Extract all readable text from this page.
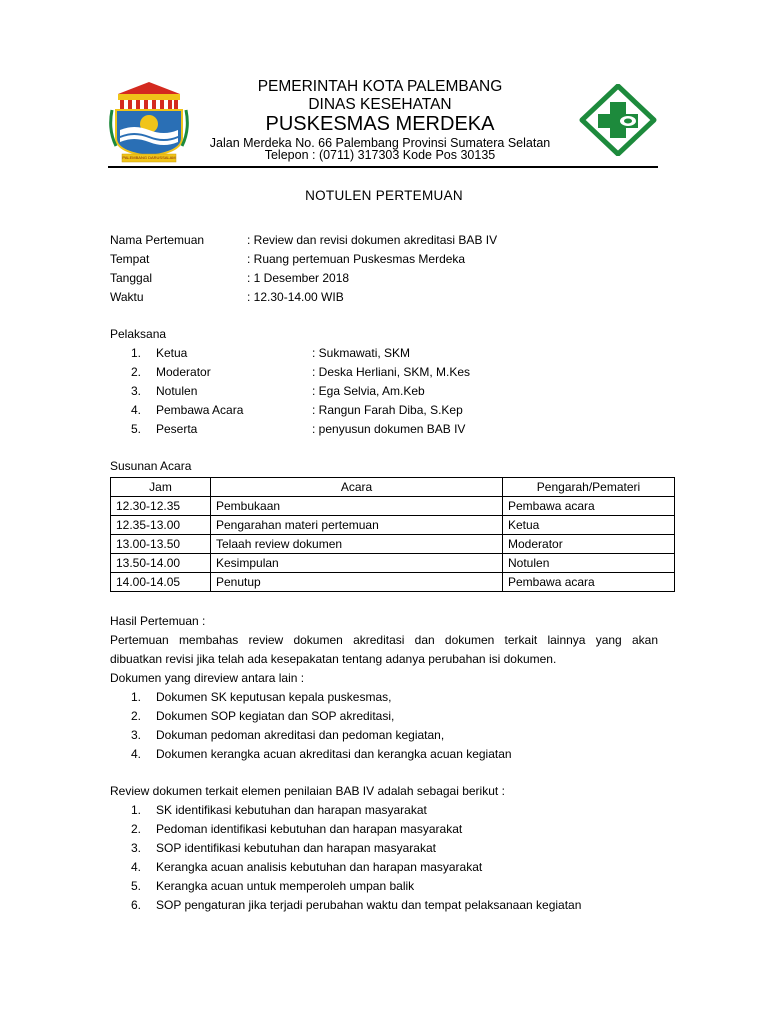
PALEMBANG DARUSSALAM
PEMERINTAH KOTA PALEMBANG
DINAS KESEHATAN
PUSKESMAS MERDEKA
Jalan Merdeka No. 66 Palembang Provinsi Sumatera Selatan
Telepon : (0711) 317303 Kode Pos 30135
NOTULEN PERTEMUAN
Nama Pertemuan	: Review dan revisi dokumen akreditasi BAB IV
Tempat	: Ruang pertemuan Puskesmas Merdeka
Tanggal	: 1 Desember 2018
Waktu	: 12.30-14.00 WIB
Pelaksana
1. Ketua	: Sukmawati, SKM
2. Moderator	: Deska Herliani, SKM, M.Kes
3. Notulen	: Ega Selvia, Am.Keb
4. Pembawa Acara	: Rangun Farah Diba, S.Kep
5. Peserta	: penyusun dokumen BAB IV
Susunan Acara
Jam	Acara	Pengarah/Pemateri
12.30-12.35	Pembukaan	Pembawa acara
12.35-13.00	Pengarahan materi pertemuan	Ketua
13.00-13.50	Telaah review dokumen	Moderator
13.50-14.00	Kesimpulan	Notulen
14.00-14.05	Penutup	Pembawa acara
Hasil Pertemuan :
Pertemuan membahas review dokumen akreditasi dan dokumen terkait lainnya yang akan
dibuatkan revisi jika telah ada kesepakatan tentang adanya perubahan isi dokumen.
Dokumen yang direview antara lain :
1. Dokumen SK keputusan kepala puskesmas,
2. Dokumen SOP kegiatan dan SOP akreditasi,
3. Dokuman pedoman akreditasi dan pedoman kegiatan,
4. Dokumen kerangka acuan akreditasi dan kerangka acuan kegiatan
Review dokumen terkait elemen penilaian BAB IV adalah sebagai berikut :
1. SK identifikasi kebutuhan dan harapan masyarakat
2. Pedoman identifikasi kebutuhan dan harapan masyarakat
3. SOP identifikasi kebutuhan dan harapan masyarakat
4. Kerangka acuan analisis kebutuhan dan harapan masyarakat
5. Kerangka acuan untuk memperoleh umpan balik
6. SOP pengaturan jika terjadi perubahan waktu dan tempat pelaksanaan kegiatan
